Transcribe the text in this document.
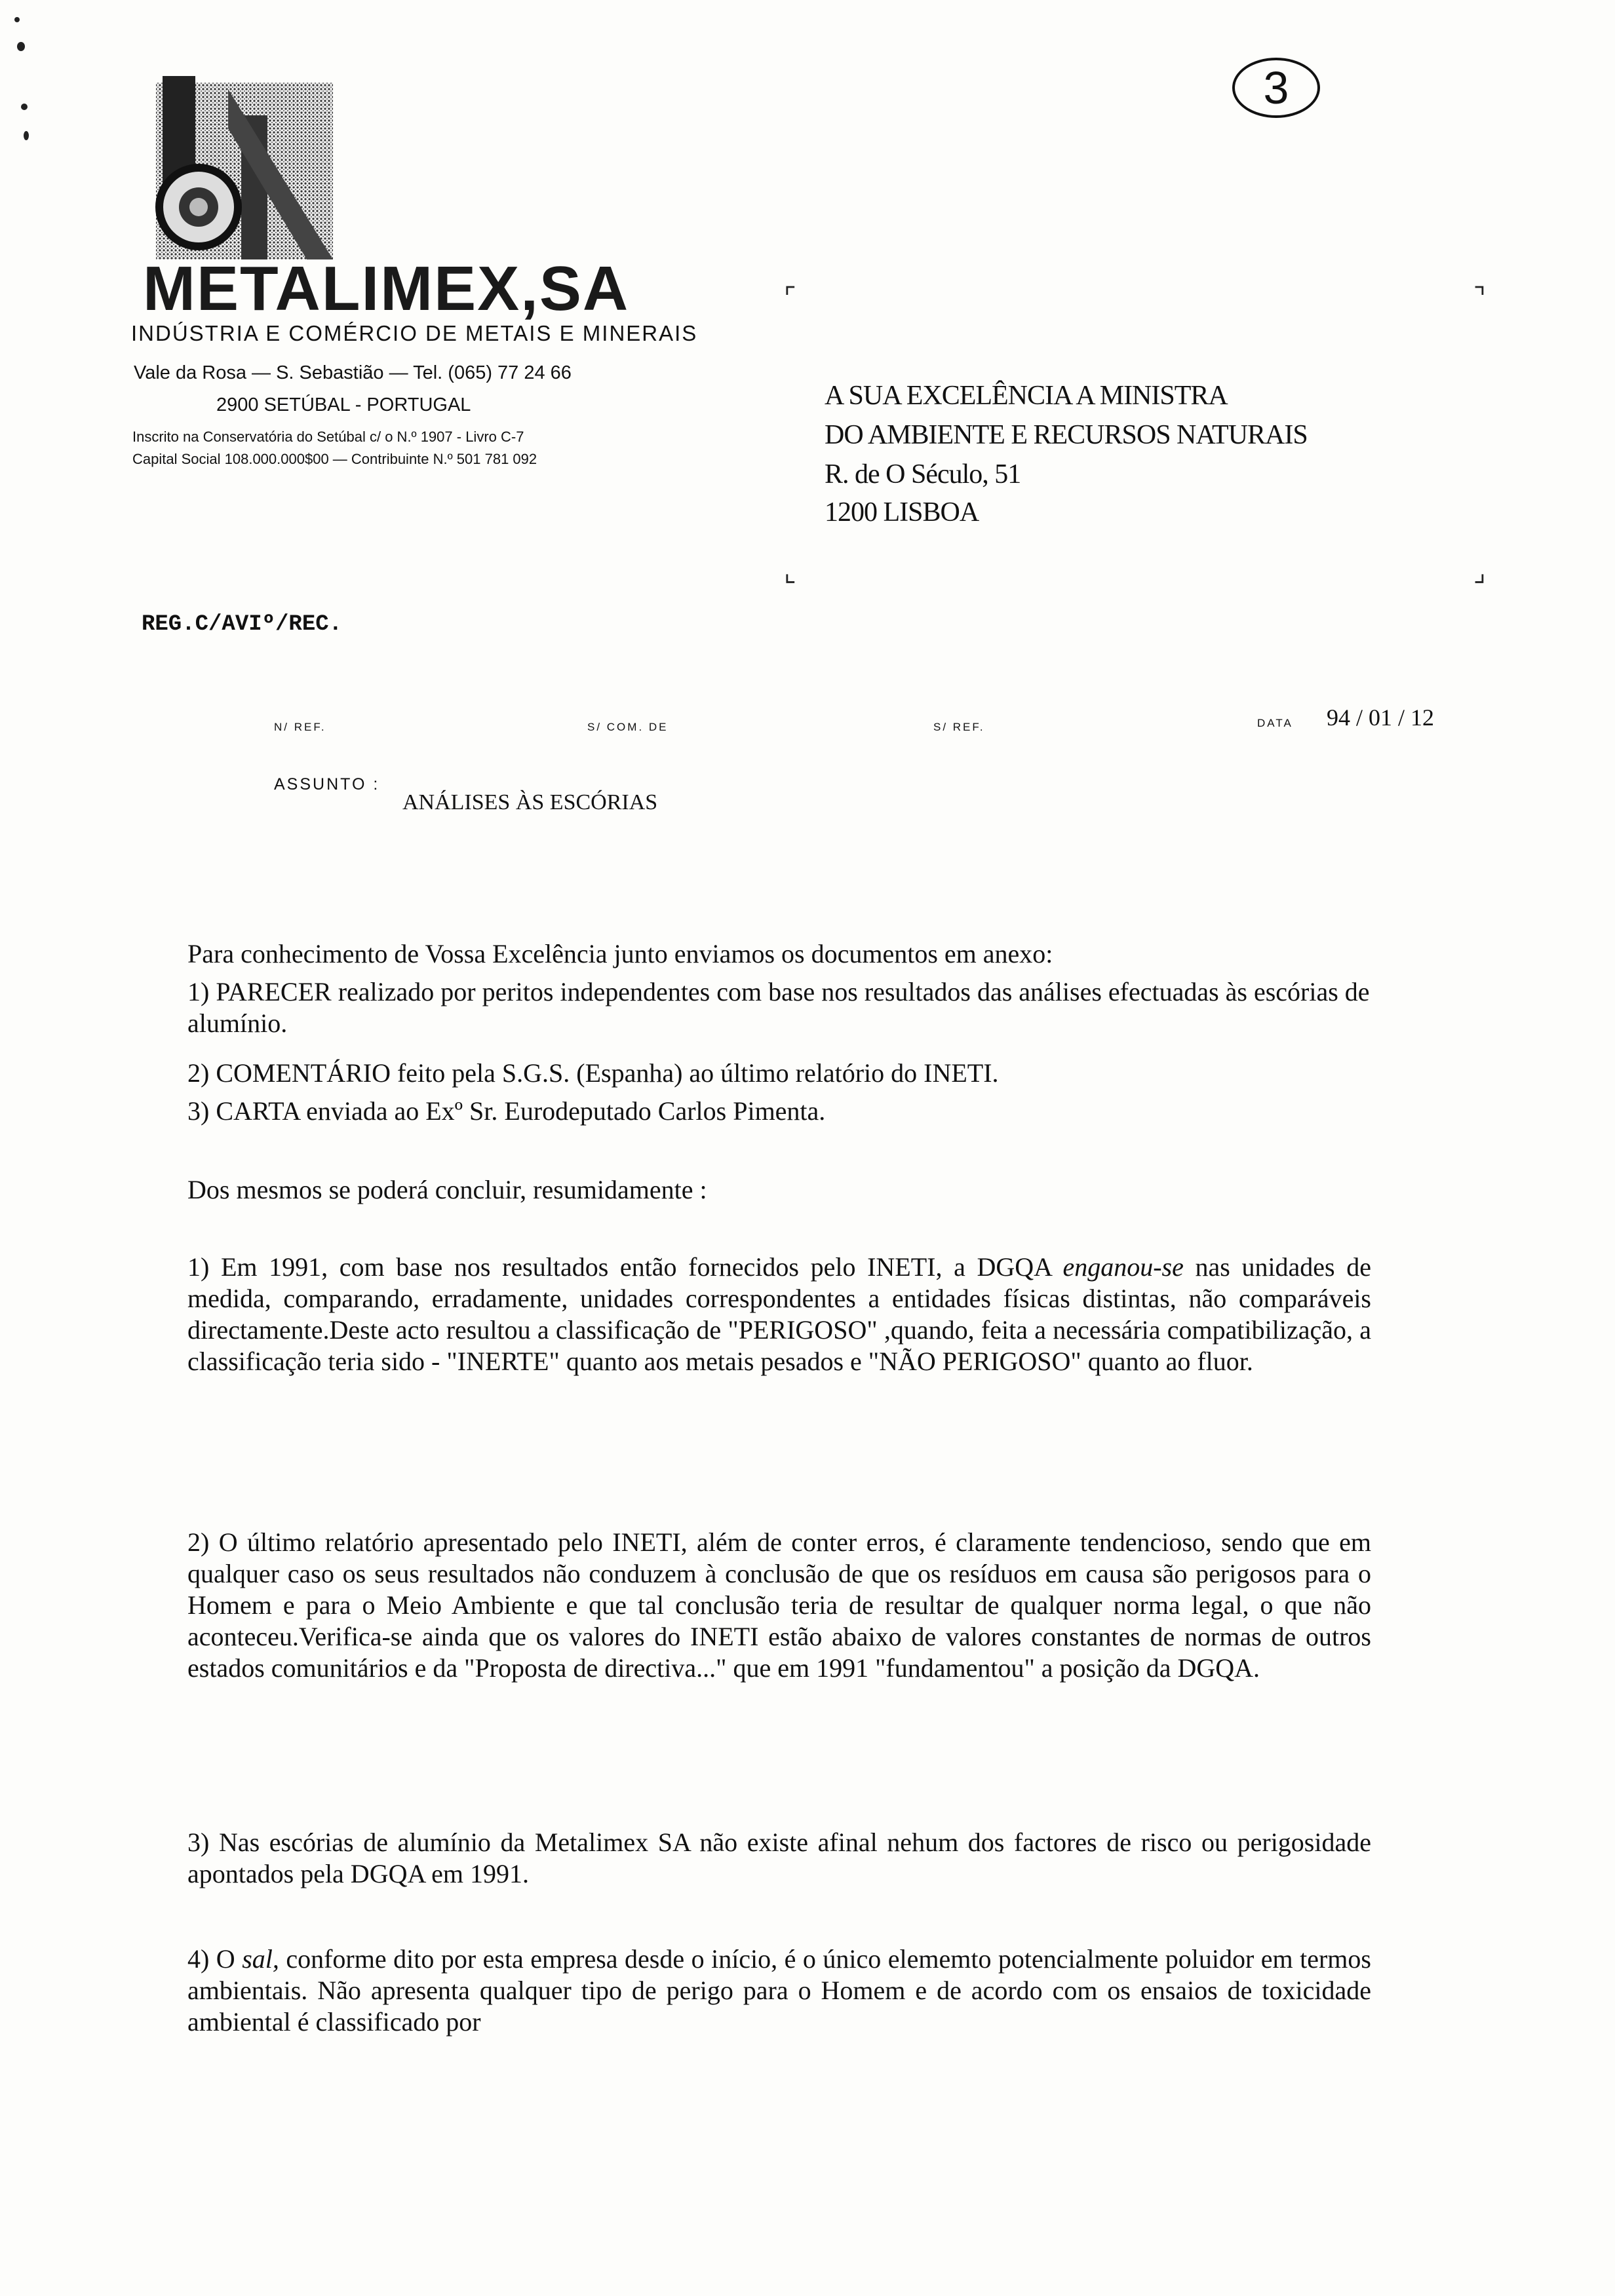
3
METALIMEX,SA
INDÚSTRIA E COMÉRCIO DE METAIS E MINERAIS
Vale da Rosa — S. Sebastião — Tel. (065) 77 24 66
2900 SETÚBAL - PORTUGAL
Inscrito na Conservatória do Setúbal c/ o N.º 1907 - Livro C-7
Capital Social 108.000.000$00 — Contribuinte N.º 501 781 092
⌜	⌝
⌞	⌟
A SUA EXCELÊNCIA A MINISTRA
DO AMBIENTE E RECURSOS NATURAIS
R. de O Século, 51
1200 LISBOA
REG.C/AVIº/REC.
N/ REF.	S/ COM. DE	S/ REF.	DATA 94 / 01 / 12
ASSUNTO :
ANÁLISES ÀS ESCÓRIAS
Para conhecimento de Vossa Excelência junto enviamos os documentos em anexo:
1) PARECER realizado por peritos independentes com base nos resultados das análises efectuadas às escórias de alumínio.
2) COMENTÁRIO feito pela S.G.S. (Espanha) ao último relatório do INETI.
3) CARTA enviada ao Exº Sr. Eurodeputado Carlos Pimenta.
Dos mesmos se poderá concluir, resumidamente :
1) Em 1991, com base nos resultados então fornecidos pelo INETI, a DGQA enganou-se nas unidades de medida, comparando, erradamente, unidades correspondentes a entidades físicas distintas, não comparáveis directamente.Deste acto resultou a classificação de "PERIGOSO" ,quando, feita a necessária compatibilização, a classificação teria sido - "INERTE" quanto aos metais pesados e "NÃO PERIGOSO" quanto ao fluor.
2) O último relatório apresentado pelo INETI, além de conter erros, é claramente tendencioso, sendo que em qualquer caso os seus resultados não conduzem à conclusão de que os resíduos em causa são perigosos para o Homem e para o Meio Ambiente e que tal conclusão teria de resultar de qualquer norma legal, o que não aconteceu.Verifica-se ainda que os valores do INETI estão abaixo de valores constantes de normas de outros estados comunitários e da "Proposta de directiva..." que em 1991 "fundamentou" a posição da DGQA.
3) Nas escórias de alumínio da Metalimex SA não existe afinal nehum dos factores de risco ou perigosidade apontados pela DGQA em 1991.
4) O sal, conforme dito por esta empresa desde o início, é o único elememto potencialmente poluidor em termos ambientais. Não apresenta qualquer tipo de perigo para o Homem e de acordo com os ensaios de toxicidade ambiental é classificado por
